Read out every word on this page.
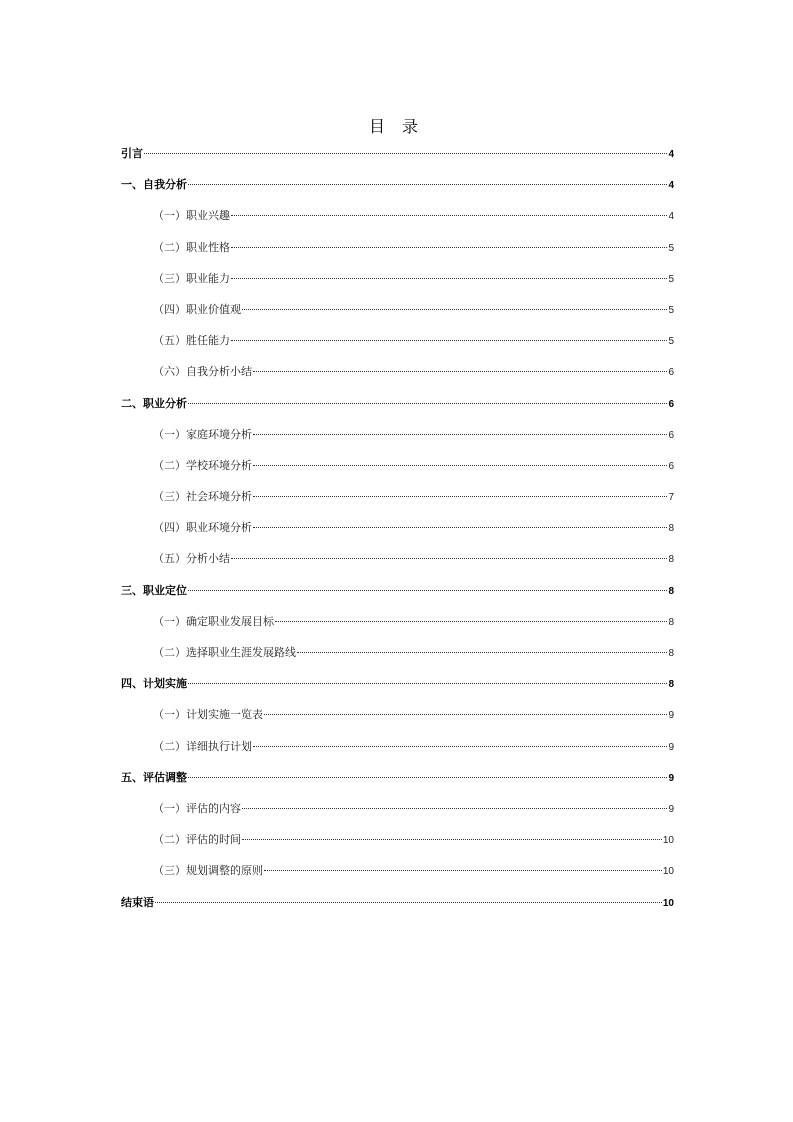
目 录
引言	4
一、自我分析	4
（一）职业兴趣	4
（二）职业性格	5
（三）职业能力	5
（四）职业价值观	5
（五）胜任能力	5
（六）自我分析小结	6
二、职业分析	6
（一）家庭环境分析	6
（二）学校环境分析	6
（三）社会环境分析	7
（四）职业环境分析	8
（五）分析小结	8
三、职业定位	8
（一）确定职业发展目标	8
（二）选择职业生涯发展路线	8
四、计划实施	8
（一）计划实施一览表	9
（二）详细执行计划	9
五、评估调整	9
（一）评估的内容	9
（二）评估的时间	10
（三）规划调整的原则	10
结束语	10
